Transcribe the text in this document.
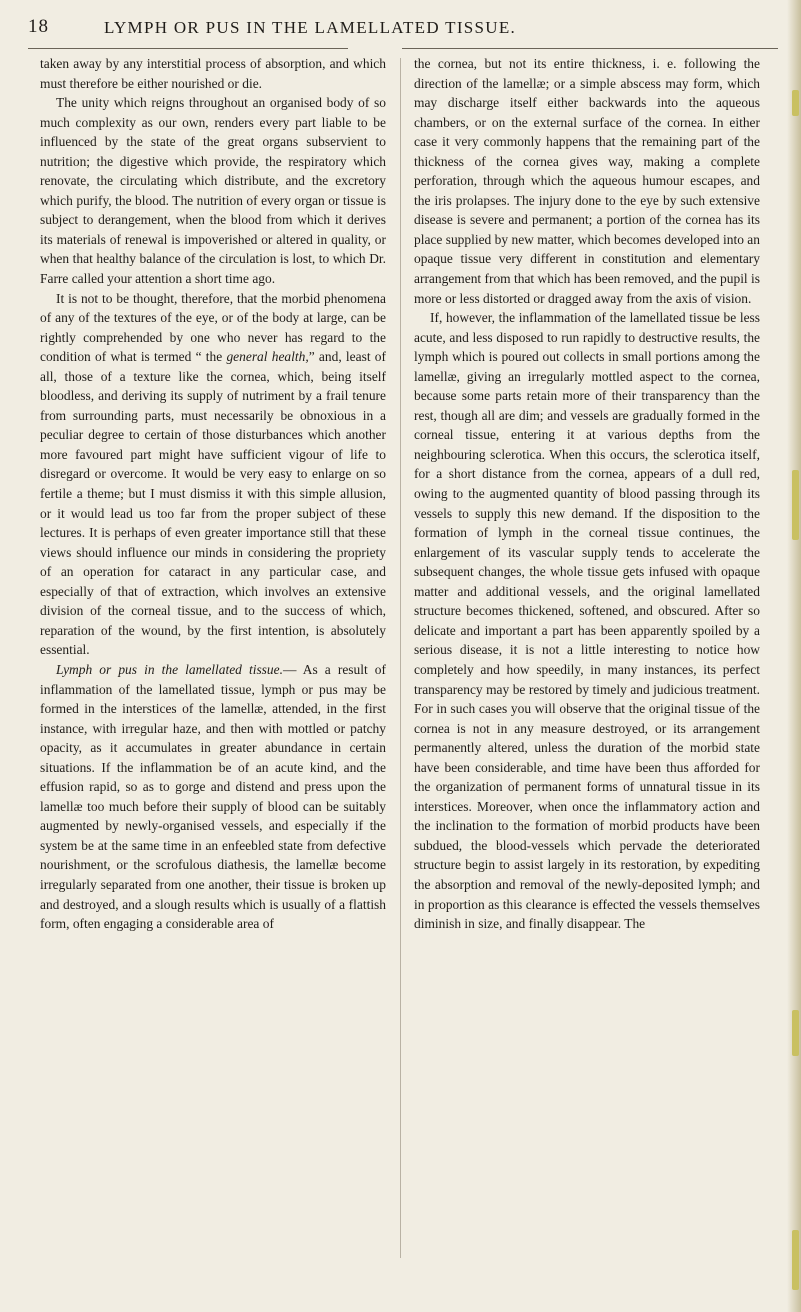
18	LYMPH OR PUS IN THE LAMELLATED TISSUE.

taken away by any interstitial process of absorption, and which must therefore be either nourished or die.

The unity which reigns throughout an organised body of so much complexity as our own, renders every part liable to be influenced by the state of the great organs subservient to nutrition; the digestive which provide, the respiratory which renovate, the circulating which distribute, and the excretory which purify, the blood. The nutrition of every organ or tissue is subject to derangement, when the blood from which it derives its materials of renewal is impoverished or altered in quality, or when that healthy balance of the circulation is lost, to which Dr. Farre called your attention a short time ago.

It is not to be thought, therefore, that the morbid phenomena of any of the textures of the eye, or of the body at large, can be rightly comprehended by one who never has regard to the condition of what is termed “ the general health,” and, least of all, those of a texture like the cornea, which, being itself bloodless, and deriving its supply of nutriment by a frail tenure from surrounding parts, must necessarily be obnoxious in a peculiar degree to certain of those disturbances which another more favoured part might have sufficient vigour of life to disregard or overcome. It would be very easy to enlarge on so fertile a theme; but I must dismiss it with this simple allusion, or it would lead us too far from the proper subject of these lectures. It is perhaps of even greater importance still that these views should influence our minds in considering the propriety of an operation for cataract in any particular case, and especially of that of extraction, which involves an extensive division of the corneal tissue, and to the success of which, reparation of the wound, by the first intention, is absolutely essential.

Lymph or pus in the lamellated tissue.— As a result of inflammation of the lamellated tissue, lymph or pus may be formed in the interstices of the lamellæ, attended, in the first instance, with irregular haze, and then with mottled or patchy opacity, as it accumulates in greater abundance in certain situations. If the inflammation be of an acute kind, and the effusion rapid, so as to gorge and distend and press upon the lamellæ too much before their supply of blood can be suitably augmented by newly-organised vessels, and especially if the system be at the same time in an enfeebled state from defective nourishment, or the scrofulous diathesis, the lamellæ become irregularly separated from one another, their tissue is broken up and destroyed, and a slough results which is usually of a flattish form, often engaging a considerable area of

the cornea, but not its entire thickness, i. e. following the direction of the lamellæ; or a simple abscess may form, which may discharge itself either backwards into the aqueous chambers, or on the external surface of the cornea. In either case it very commonly happens that the remaining part of the thickness of the cornea gives way, making a complete perforation, through which the aqueous humour escapes, and the iris prolapses. The injury done to the eye by such extensive disease is severe and permanent; a portion of the cornea has its place supplied by new matter, which becomes developed into an opaque tissue very different in constitution and elementary arrangement from that which has been removed, and the pupil is more or less distorted or dragged away from the axis of vision.

If, however, the inflammation of the lamellated tissue be less acute, and less disposed to run rapidly to destructive results, the lymph which is poured out collects in small portions among the lamellæ, giving an irregularly mottled aspect to the cornea, because some parts retain more of their transparency than the rest, though all are dim; and vessels are gradually formed in the corneal tissue, entering it at various depths from the neighbouring sclerotica. When this occurs, the sclerotica itself, for a short distance from the cornea, appears of a dull red, owing to the augmented quantity of blood passing through its vessels to supply this new demand. If the disposition to the formation of lymph in the corneal tissue continues, the enlargement of its vascular supply tends to accelerate the subsequent changes, the whole tissue gets infused with opaque matter and additional vessels, and the original lamellated structure becomes thickened, softened, and obscured. After so delicate and important a part has been apparently spoiled by a serious disease, it is not a little interesting to notice how completely and how speedily, in many instances, its perfect transparency may be restored by timely and judicious treatment. For in such cases you will observe that the original tissue of the cornea is not in any measure destroyed, or its arrangement permanently altered, unless the duration of the morbid state have been considerable, and time have been thus afforded for the organization of permanent forms of unnatural tissue in its interstices. Moreover, when once the inflammatory action and the inclination to the formation of morbid products have been subdued, the blood-vessels which pervade the deteriorated structure begin to assist largely in its restoration, by expediting the absorption and removal of the newly-deposited lymph; and in proportion as this clearance is effected the vessels themselves diminish in size, and finally disappear. The
